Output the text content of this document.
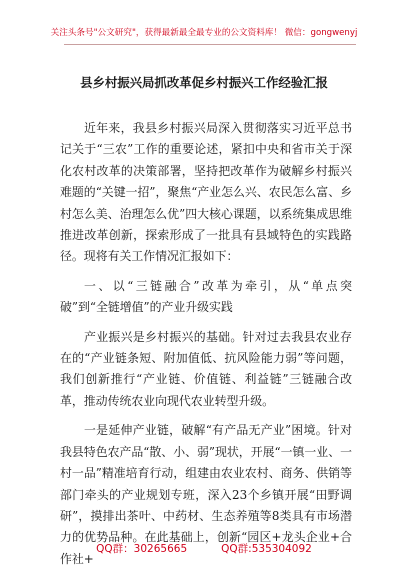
关注头条号"公文研究"，获得最新最全最专业的公文资料库！ 微信：gongwenyj
县乡村振兴局抓改革促乡村振兴工作经验汇报

近年来，我县乡村振兴局深入贯彻落实习近平总书记关于“三农”工作的重要论述，紧扣中央和省市关于深化农村改革的决策部署，坚持把改革作为破解乡村振兴难题的“关键一招”，聚焦“产业怎么兴、农民怎么富、乡村怎么美、治理怎么优”四大核心课题，以系统集成思维推进改革创新，探索形成了一批具有县域特色的实践路径。现将有关工作情况汇报如下：

一、以“三链融合”改革为牵引，从“单点突破”到“全链增值”的产业升级实践

产业振兴是乡村振兴的基础。针对过去我县农业存在的“产业链条短、附加值低、抗风险能力弱”等问题，我们创新推行“产业链、价值链、利益链”三链融合改革，推动传统农业向现代农业转型升级。

一是延伸产业链，破解“有产品无产业”困境。针对我县特色农产品“散、小、弱”现状，开展“一镇一业、一村一品”精准培育行动，组建由农业农村、商务、供销等部门牵头的产业规划专班，深入23个乡镇开展“田野调研”，摸排出茶叶、中药材、生态养殖等8类具有市场潜力的优势品种。在此基础上，创新“园区+龙头企业+合作社+

QQ群：30265665	QQ群:535304092
